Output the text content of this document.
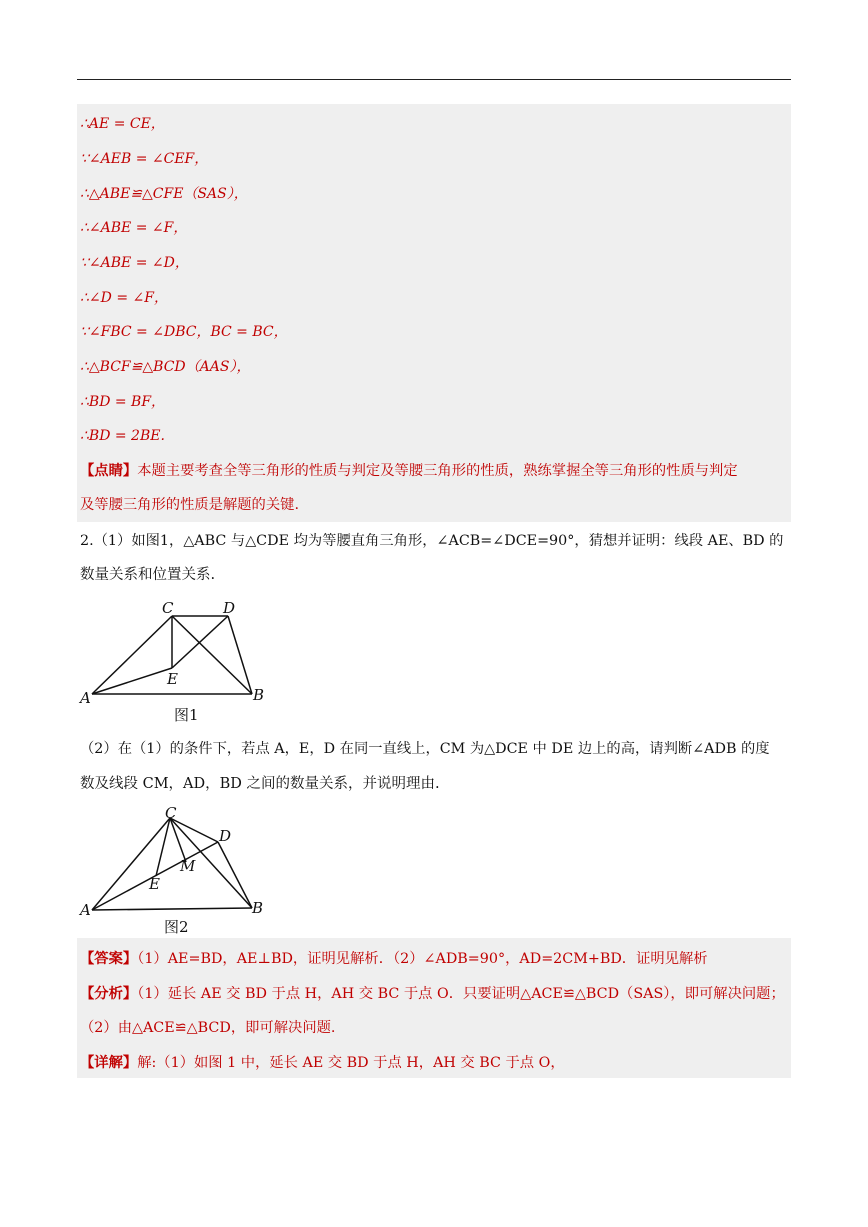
∴AE = CE，
∵∠AEB = ∠CEF，
∴△ABE≌△CFE（SAS），
∴∠ABE = ∠F，
∵∠ABE = ∠D，
∴∠D = ∠F，
∵∠FBC = ∠DBC，BC = BC，
∴△BCF≌△BCD（AAS），
∴BD = BF，
∴BD = 2BE.
【点睛】本题主要考查全等三角形的性质与判定及等腰三角形的性质，熟练掌握全等三角形的性质与判定
及等腰三角形的性质是解题的关键.
2.（1）如图1，△ABC 与△CDE 均为等腰直角三角形，∠ACB=∠DCE=90°，猜想并证明：线段 AE、BD 的
数量关系和位置关系.
C	D
E
A	B
图1
（2）在（1）的条件下，若点 A，E，D 在同一直线上，CM 为△DCE 中 DE 边上的高，请判断∠ADB 的度
数及线段 CM，AD，BD 之间的数量关系，并说明理由.
C
D
M
E
A	B
图2
【答案】（1）AE=BD，AE⊥BD，证明见解析．（2）∠ADB=90°，AD=2CM+BD．证明见解析
【分析】（1）延长 AE 交 BD 于点 H，AH 交 BC 于点 O．只要证明△ACE≌△BCD（SAS），即可解决问题；
（2）由△ACE≌△BCD，即可解决问题.
【详解】解:（1）如图 1 中，延长 AE 交 BD 于点 H，AH 交 BC 于点 O，
